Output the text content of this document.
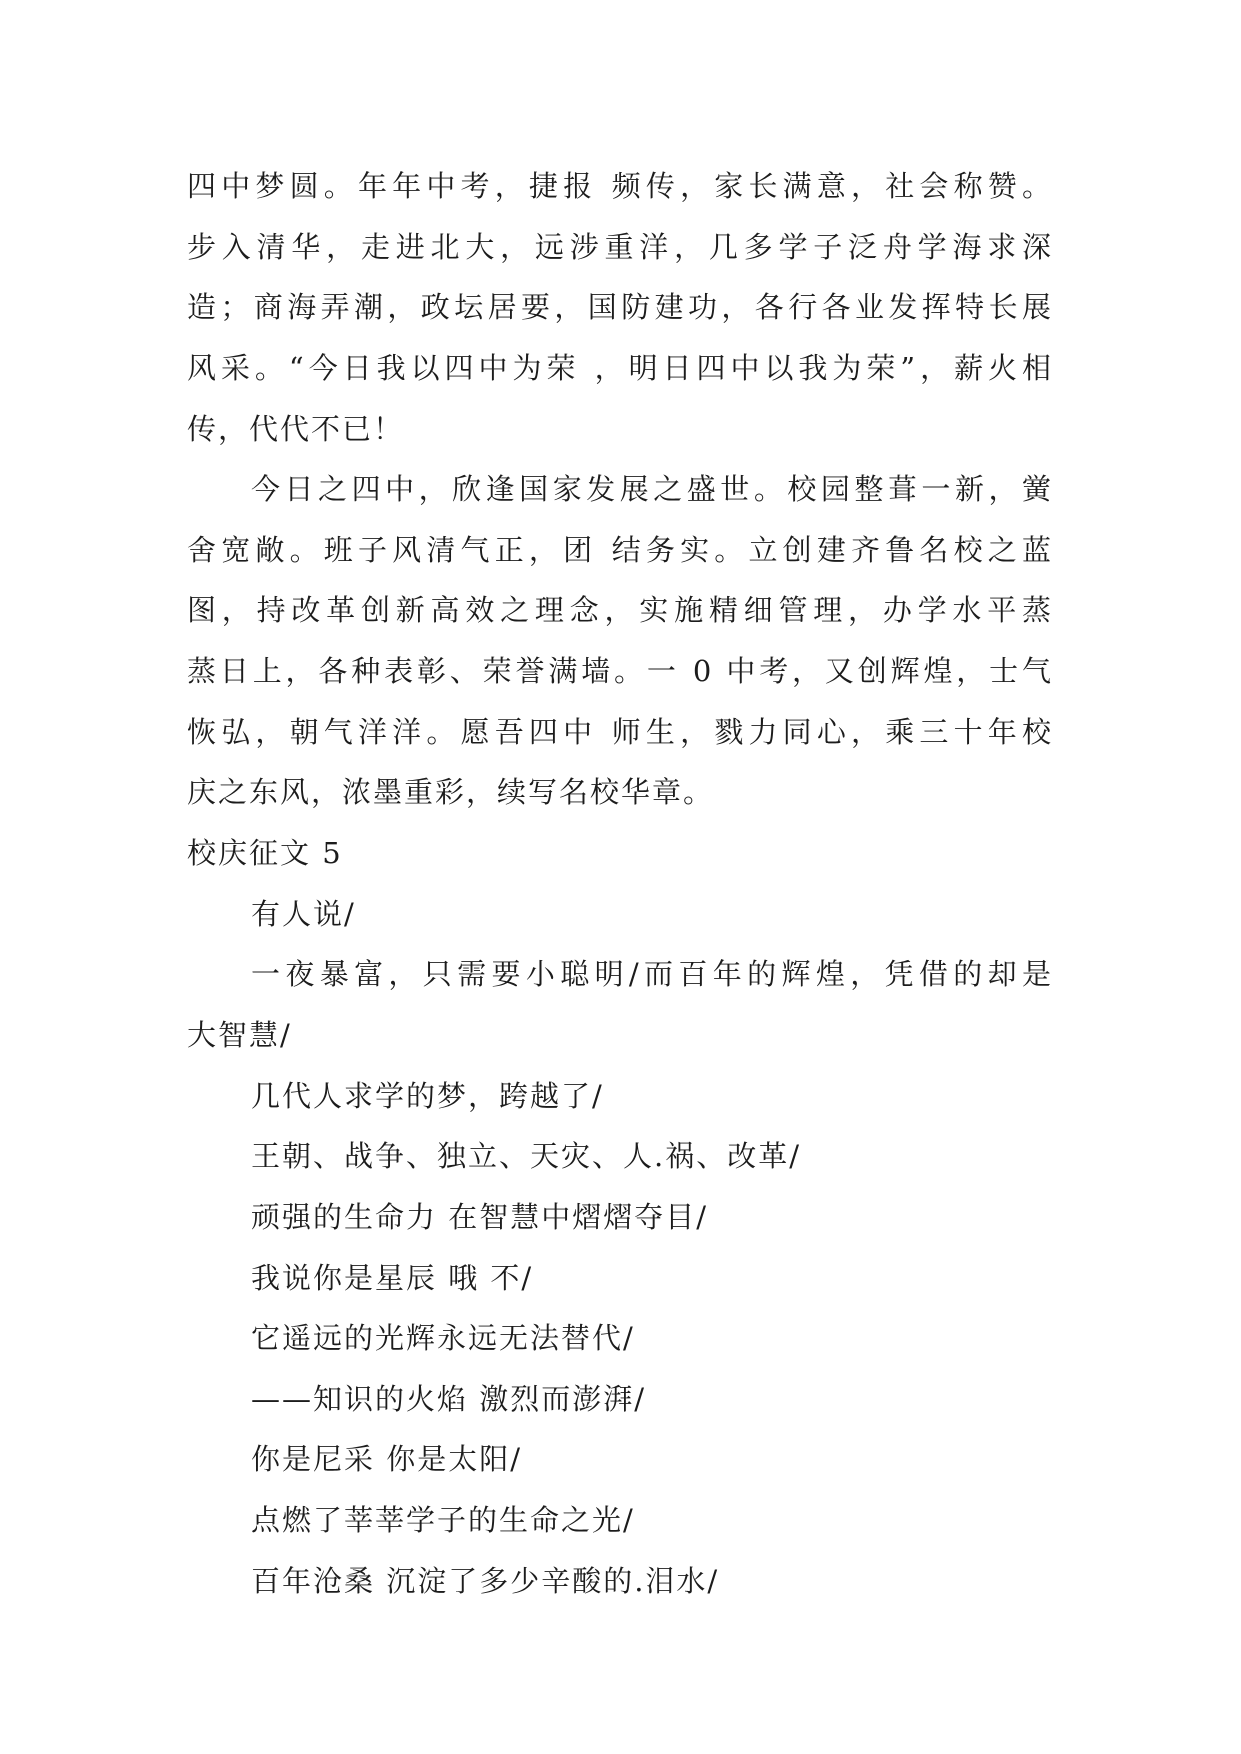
四中梦圆。年年中考，捷报 频传，家长满意，社会称赞。
步入清华，走进北大，远涉重洋，几多学子泛舟学海求深
造；商海弄潮，政坛居要，国防建功，各行各业发挥特长展
风采。“今日我以四中为荣 ，明日四中以我为荣”，薪火相
传，代代不已！
今日之四中，欣逢国家发展之盛世。校园整葺一新，黉
舍宽敞。班子风清气正，团 结务实。立创建齐鲁名校之蓝
图，持改革创新高效之理念，实施精细管理，办学水平蒸
蒸日上，各种表彰、荣誉满墙。一 0 中考，又创辉煌，士气
恢弘，朝气洋洋。愿吾四中 师生，戮力同心，乘三十年校
庆之东风，浓墨重彩，续写名校华章。
校庆征文 5
有人说/
一夜暴富，只需要小聪明/而百年的辉煌，凭借的却是
大智慧/
几代人求学的梦，跨越了/
王朝、战争、独立、天灾、人.祸、改革/
顽强的生命力 在智慧中熠熠夺目/
我说你是星辰 哦 不/
它遥远的光辉永远无法替代/
——知识的火焰 激烈而澎湃/
你是尼采 你是太阳/
点燃了莘莘学子的生命之光/
百年沧桑 沉淀了多少辛酸的.泪水/
